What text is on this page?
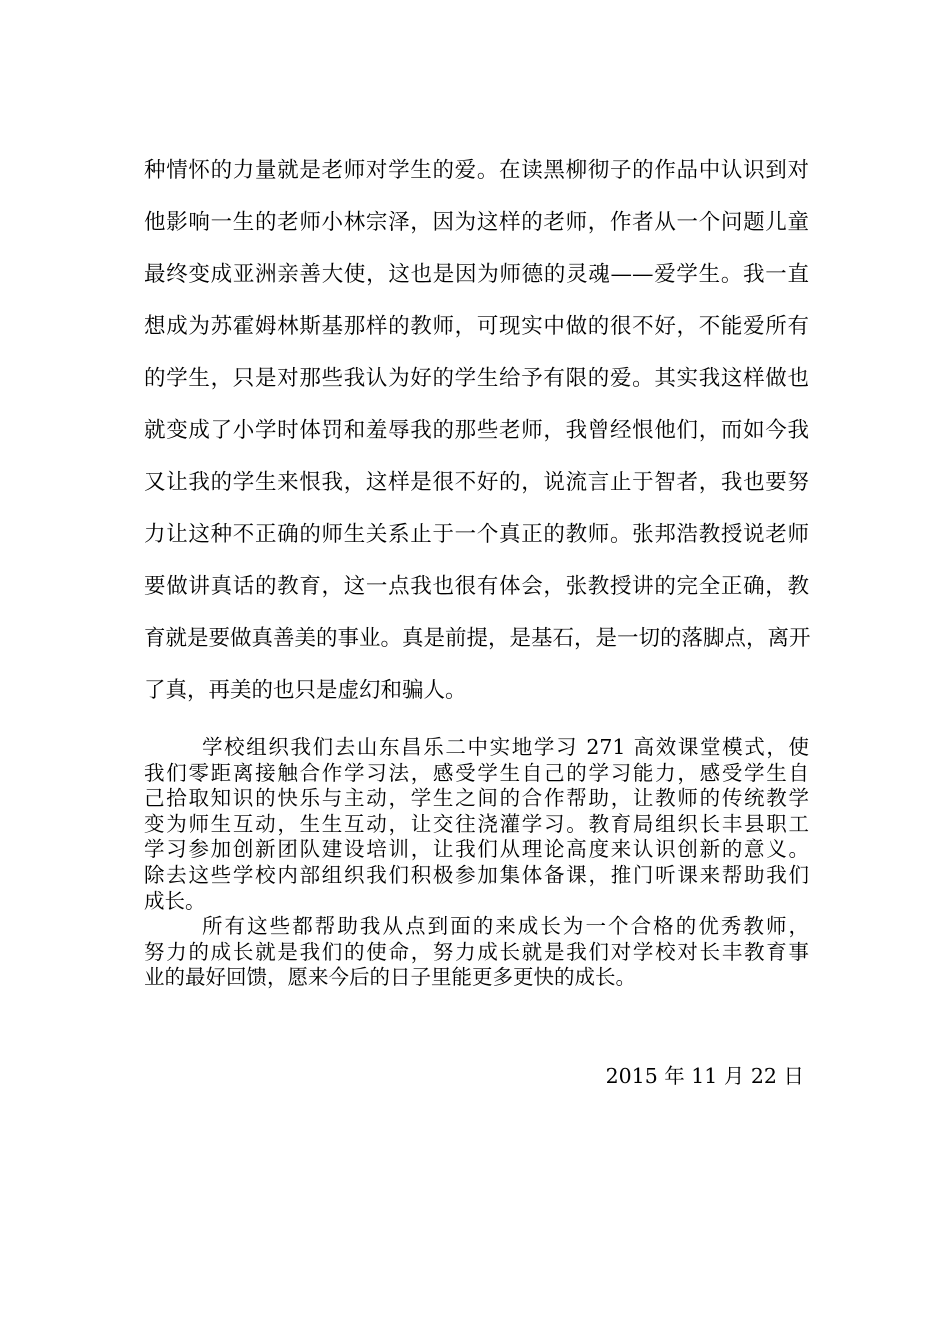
种情怀的力量就是老师对学生的爱。在读黑柳彻子的作品中认识到对
他影响一生的老师小林宗泽，因为这样的老师，作者从一个问题儿童
最终变成亚洲亲善大使，这也是因为师德的灵魂——爱学生。我一直
想成为苏霍姆林斯基那样的教师，可现实中做的很不好，不能爱所有
的学生，只是对那些我认为好的学生给予有限的爱。其实我这样做也
就变成了小学时体罚和羞辱我的那些老师，我曾经恨他们，而如今我
又让我的学生来恨我，这样是很不好的，说流言止于智者，我也要努
力让这种不正确的师生关系止于一个真正的教师。张邦浩教授说老师
要做讲真话的教育，这一点我也很有体会，张教授讲的完全正确，教
育就是要做真善美的事业。真是前提，是基石，是一切的落脚点，离开
了真，再美的也只是虚幻和骗人。
学校组织我们去山东昌乐二中实地学习 271 高效课堂模式，使
我们零距离接触合作学习法，感受学生自己的学习能力，感受学生自
己拾取知识的快乐与主动，学生之间的合作帮助，让教师的传统教学
变为师生互动，生生互动，让交往浇灌学习。教育局组织长丰县职工
学习参加创新团队建设培训，让我们从理论高度来认识创新的意义。
除去这些学校内部组织我们积极参加集体备课，推门听课来帮助我们
成长。
所有这些都帮助我从点到面的来成长为一个合格的优秀教师，
努力的成长就是我们的使命，努力成长就是我们对学校对长丰教育事
业的最好回馈，愿来今后的日子里能更多更快的成长。
2015 年 11 月 22 日
